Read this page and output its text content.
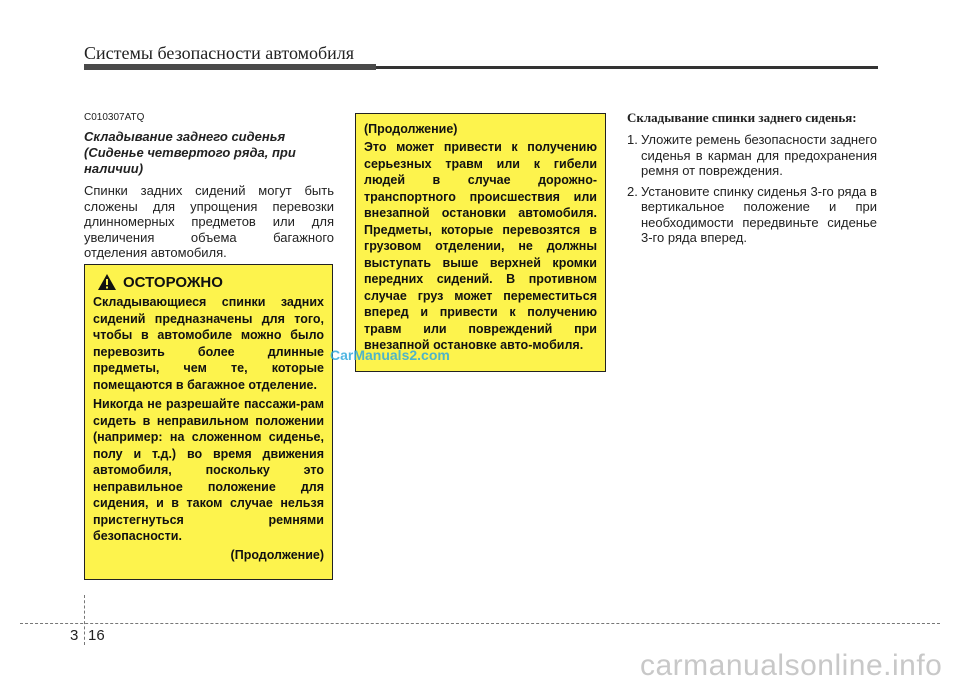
Системы безопасности автомобиля
C010307ATQ
Складывание заднего сиденья (Сиденье четвертого ряда, при наличии)
Спинки задних сидений могут быть сложены для упрощения перевозки длинномерных предметов или для увеличения объема багажного отделения автомобиля.
ОСТОРОЖНО
Складывающиеся спинки задних сидений предназначены для того, чтобы в автомобиле можно было перевозить более длинные предметы, чем те, которые помещаются в багажное отделение.
Никогда не разрешайте пассажи-рам сидеть в неправильном положении (например: на сложенном сиденье, полу и т.д.) во время движения автомобиля, поскольку это неправильное положение для сидения, и в таком случае нельзя пристегнуться ремнями безопасности.
(Продолжение)
(Продолжение)
Это может привести к получению серьезных травм или к гибели людей в случае дорожно-транспортного происшествия или внезапной остановки автомобиля. Предметы, которые перевозятся в грузовом отделении, не должны выступать выше верхней кромки передних сидений. В противном случае груз может переместиться вперед и привести к получению травм или повреждений при внезапной остановке авто-мобиля.
CarManuals2.com
Складывание спинки заднего сиденья:
1. Уложите ремень безопасности заднего сиденья в карман для предохранения ремня от повреждения.
2. Установите спинку сиденья 3-го ряда в вертикальное положение и при необходимости передвиньте сиденье 3-го ряда вперед.
3 16
carmanualsonline.info
